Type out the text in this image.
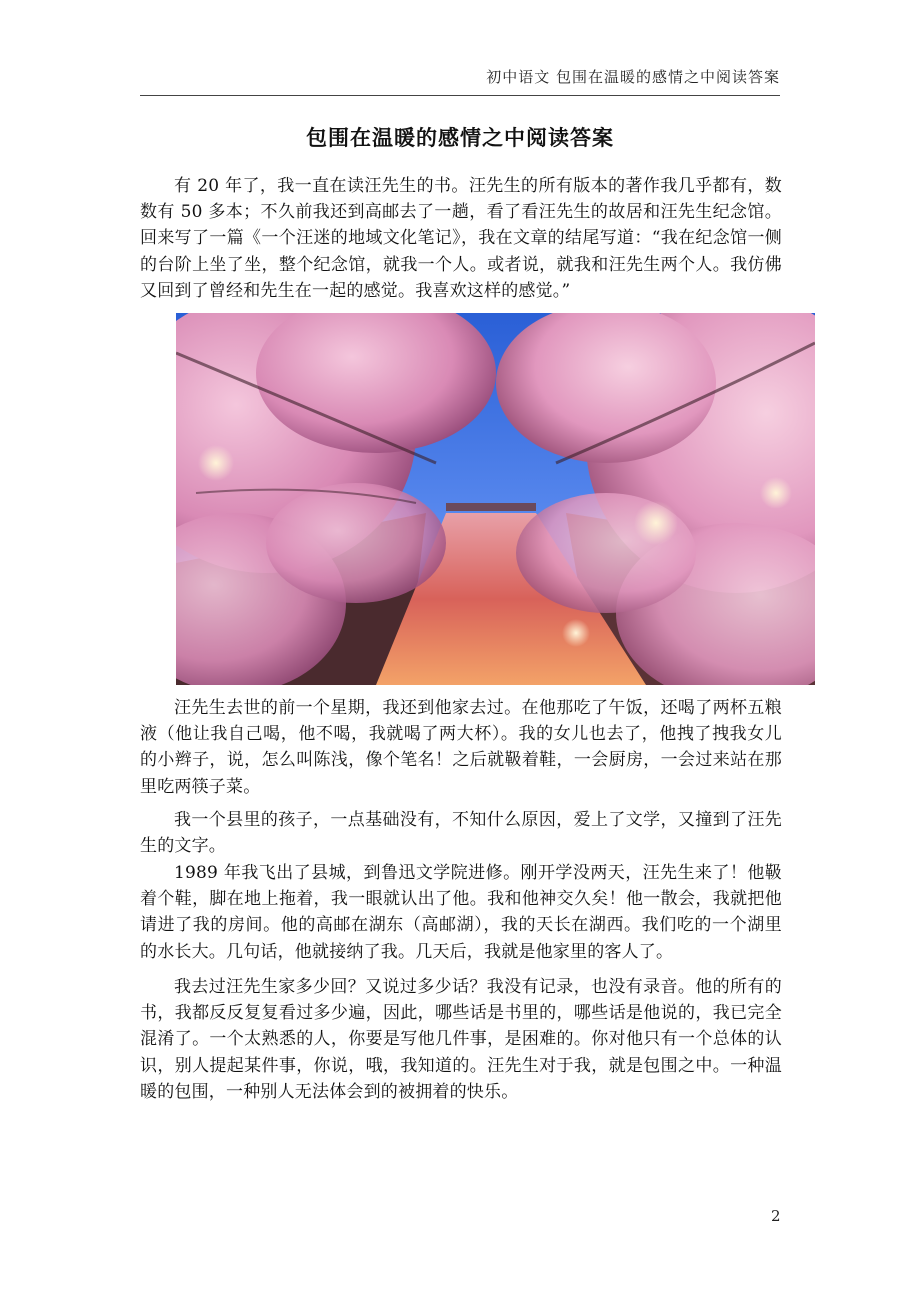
初中语文 包围在温暖的感情之中阅读答案
包围在温暖的感情之中阅读答案

有 20 年了，我一直在读汪先生的书。汪先生的所有版本的著作我几乎都有，数数有 50 多本；不久前我还到高邮去了一趟，看了看汪先生的故居和汪先生纪念馆。回来写了一篇《一个汪迷的地域文化笔记》，我在文章的结尾写道：“我在纪念馆一侧的台阶上坐了坐，整个纪念馆，就我一个人。或者说，就我和汪先生两个人。我仿佛又回到了曾经和先生在一起的感觉。我喜欢这样的感觉。”

汪先生去世的前一个星期，我还到他家去过。在他那吃了午饭，还喝了两杯五粮液（他让我自己喝，他不喝，我就喝了两大杯）。我的女儿也去了，他拽了拽我女儿的小辫子，说，怎么叫陈浅，像个笔名！之后就靸着鞋，一会厨房，一会过来站在那里吃两筷子菜。

我一个县里的孩子，一点基础没有，不知什么原因，爱上了文学，又撞到了汪先生的文字。

1989 年我飞出了县城，到鲁迅文学院进修。刚开学没两天，汪先生来了！他靸着个鞋，脚在地上拖着，我一眼就认出了他。我和他神交久矣！他一散会，我就把他请进了我的房间。他的高邮在湖东（高邮湖），我的天长在湖西。我们吃的一个湖里的水长大。几句话，他就接纳了我。几天后，我就是他家里的客人了。

我去过汪先生家多少回？又说过多少话？我没有记录，也没有录音。他的所有的书，我都反反复复看过多少遍，因此，哪些话是书里的，哪些话是他说的，我已完全混淆了。一个太熟悉的人，你要是写他几件事，是困难的。你对他只有一个总体的认识，别人提起某件事，你说，哦，我知道的。汪先生对于我，就是包围之中。一种温暖的包围，一种别人无法体会到的被拥着的快乐。

2
